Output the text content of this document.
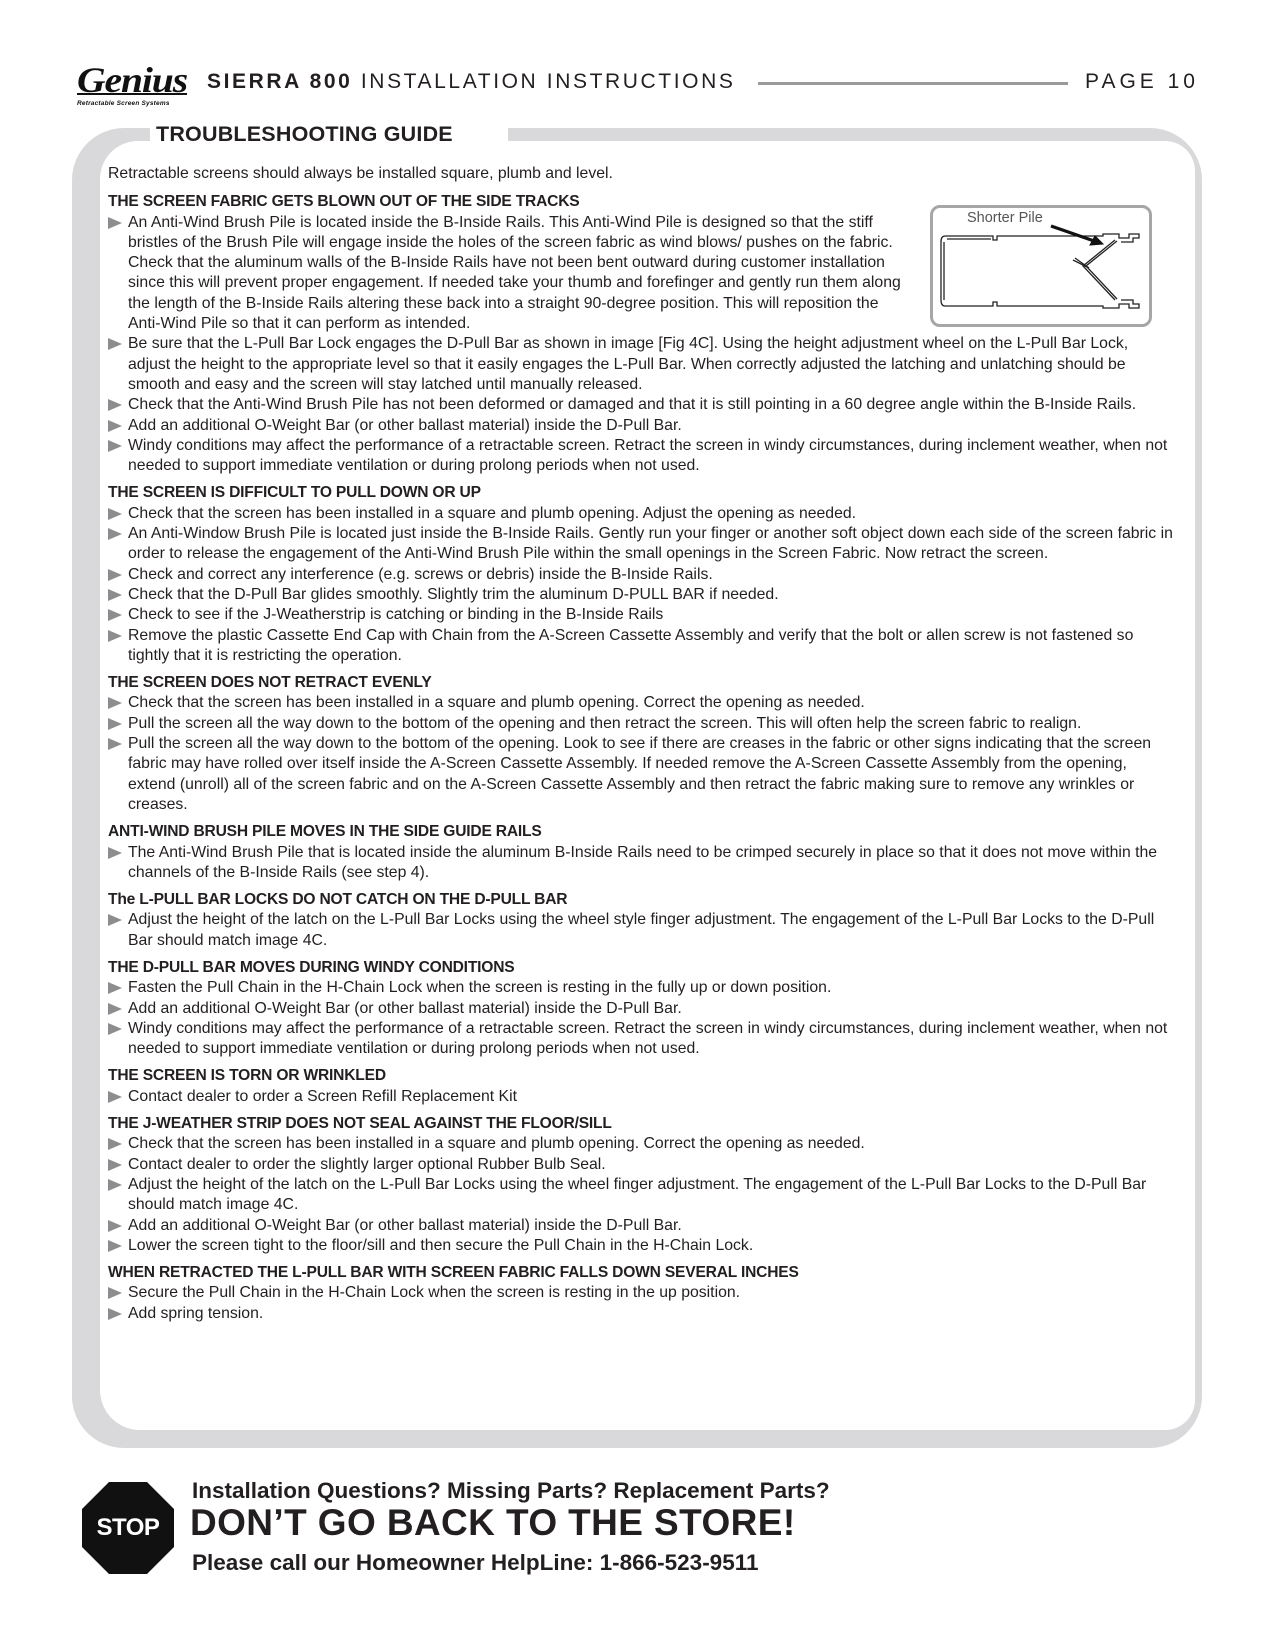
Genius
Retractable Screen Systems
SIERRA 800 INSTALLATION INSTRUCTIONS	PAGE 10
TROUBLESHOOTING GUIDE
Shorter Pile

Retractable screens should always be installed square, plumb and level.

THE SCREEN FABRIC GETS BLOWN OUT OF THE SIDE TRACKS

An Anti-Wind Brush Pile is located inside the B-Inside Rails. This Anti-Wind Pile is designed so that the stiff bristles of the Brush Pile will engage inside the holes of the screen fabric as wind blows/ pushes on the fabric. Check that the aluminum walls of the B-Inside Rails have not been bent outward during customer installation since this will prevent proper engagement. If needed take your thumb and forefinger and gently run them along the length of the B-Inside Rails altering these back into a straight 90-degree position. This will reposition the Anti-Wind Pile so that it can perform as intended.

Be sure that the L-Pull Bar Lock engages the D-Pull Bar as shown in image [Fig 4C]. Using the height adjustment wheel on the L-Pull Bar Lock, adjust the height to the appropriate level so that it easily engages the L-Pull Bar. When correctly adjusted the latching and unlatching should be smooth and easy and the screen will stay latched until manually released.

Check that the Anti-Wind Brush Pile has not been deformed or damaged and that it is still pointing in a 60 degree angle within the B-Inside Rails.

Add an additional O-Weight Bar (or other ballast material) inside the D-Pull Bar.

Windy conditions may affect the performance of a retractable screen. Retract the screen in windy circumstances, during inclement weather, when not needed to support immediate ventilation or during prolong periods when not used.

THE SCREEN IS DIFFICULT TO PULL DOWN OR UP

Check that the screen has been installed in a square and plumb opening. Adjust the opening as needed.

An Anti-Window Brush Pile is located just inside the B-Inside Rails. Gently run your finger or another soft object down each side of the screen fabric in order to release the engagement of the Anti-Wind Brush Pile within the small openings in the Screen Fabric. Now retract the screen.

Check and correct any interference (e.g. screws or debris) inside the B-Inside Rails.

Check that the D-Pull Bar glides smoothly. Slightly trim the aluminum D-PULL BAR if needed.

Check to see if the J-Weatherstrip is catching or binding in the B-Inside Rails

Remove the plastic Cassette End Cap with Chain from the A-Screen Cassette Assembly and verify that the bolt or allen screw is not fastened so tightly that it is restricting the operation.

THE SCREEN DOES NOT RETRACT EVENLY

Check that the screen has been installed in a square and plumb opening. Correct the opening as needed.

Pull the screen all the way down to the bottom of the opening and then retract the screen. This will often help the screen fabric to realign.

Pull the screen all the way down to the bottom of the opening. Look to see if there are creases in the fabric or other signs indicating that the screen fabric may have rolled over itself inside the A-Screen Cassette Assembly. If needed remove the A-Screen Cassette Assembly from the opening, extend (unroll) all of the screen fabric and on the A-Screen Cassette Assembly and then retract the fabric making sure to remove any wrinkles or creases.

ANTI-WIND BRUSH PILE MOVES IN THE SIDE GUIDE RAILS

The Anti-Wind Brush Pile that is located inside the aluminum B-Inside Rails need to be crimped securely in place so that it does not move within the channels of the B-Inside Rails (see step 4).

The L-PULL BAR LOCKS DO NOT CATCH ON THE D-PULL BAR

Adjust the height of the latch on the L-Pull Bar Locks using the wheel style finger adjustment. The engagement of the L-Pull Bar Locks to the D-Pull Bar should match image 4C.

THE D-PULL BAR MOVES DURING WINDY CONDITIONS

Fasten the Pull Chain in the H-Chain Lock when the screen is resting in the fully up or down position.

Add an additional O-Weight Bar (or other ballast material) inside the D-Pull Bar.

Windy conditions may affect the performance of a retractable screen. Retract the screen in windy circumstances, during inclement weather, when not needed to support immediate ventilation or during prolong periods when not used.

THE SCREEN IS TORN OR WRINKLED

Contact dealer to order a Screen Refill Replacement Kit

THE J-WEATHER STRIP DOES NOT SEAL AGAINST THE FLOOR/SILL

Check that the screen has been installed in a square and plumb opening. Correct the opening as needed.

Contact dealer to order the slightly larger optional Rubber Bulb Seal.

Adjust the height of the latch on the L-Pull Bar Locks using the wheel finger adjustment. The engagement of the L-Pull Bar Locks to the D-Pull Bar should match image 4C.

Add an additional O-Weight Bar (or other ballast material) inside the D-Pull Bar.

Lower the screen tight to the floor/sill and then secure the Pull Chain in the H-Chain Lock.

WHEN RETRACTED THE L-PULL BAR WITH SCREEN FABRIC FALLS DOWN SEVERAL INCHES

Secure the Pull Chain in the H-Chain Lock when the screen is resting in the up position.

Add spring tension.

STOP
Installation Questions? Missing Parts? Replacement Parts?
DON’T GO BACK TO THE STORE!
Please call our Homeowner HelpLine: 1-866-523-9511
